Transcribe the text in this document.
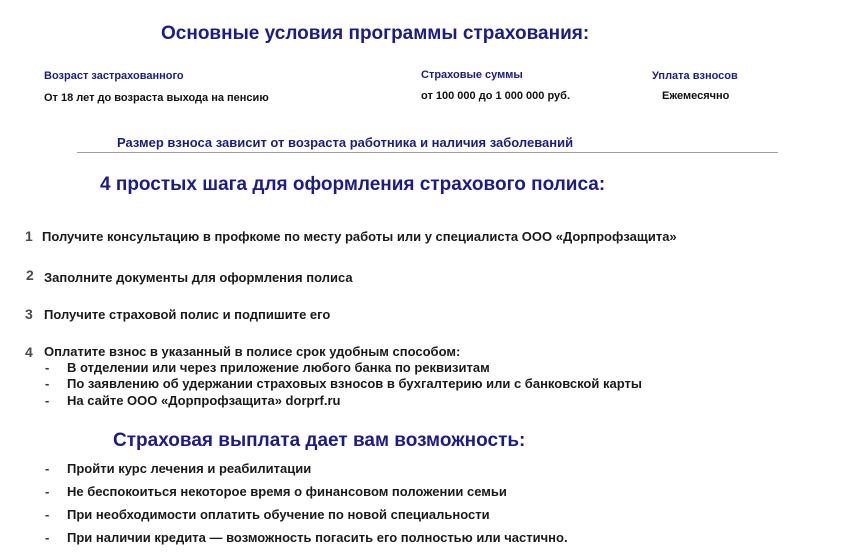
Основные условия программы страхования:
Возраст застрахованного
От 18 лет до возраста выхода на пенсию
Страховые суммы
от 100 000 до 1 000 000 руб.
Уплата взносов
Ежемесячно
Размер взноса зависит от возраста работника и наличия заболеваний
4 простых шага для оформления страхового полиса:
1 Получите консультацию в профкоме по месту работы или у специалиста ООО «Дорпрофзащита»
2 Заполните документы для оформления полиса
3 Получите страховой полис и подпишите его
4 Оплатите взнос в указанный в полисе срок удобным способом:
- В отделении или через приложение любого банка по реквизитам
- По заявлению об удержании страховых взносов в бухгалтерию или с банковской карты
- На сайте ООО «Дорпрофзащита» dorprf.ru
Страховая выплата дает вам возможность:
- Пройти курс лечения и реабилитации
- Не беспокоиться некоторое время о финансовом положении семьи
- При необходимости оплатить обучение по новой специальности
- При наличии кредита — возможность погасить его полностью или частично.
